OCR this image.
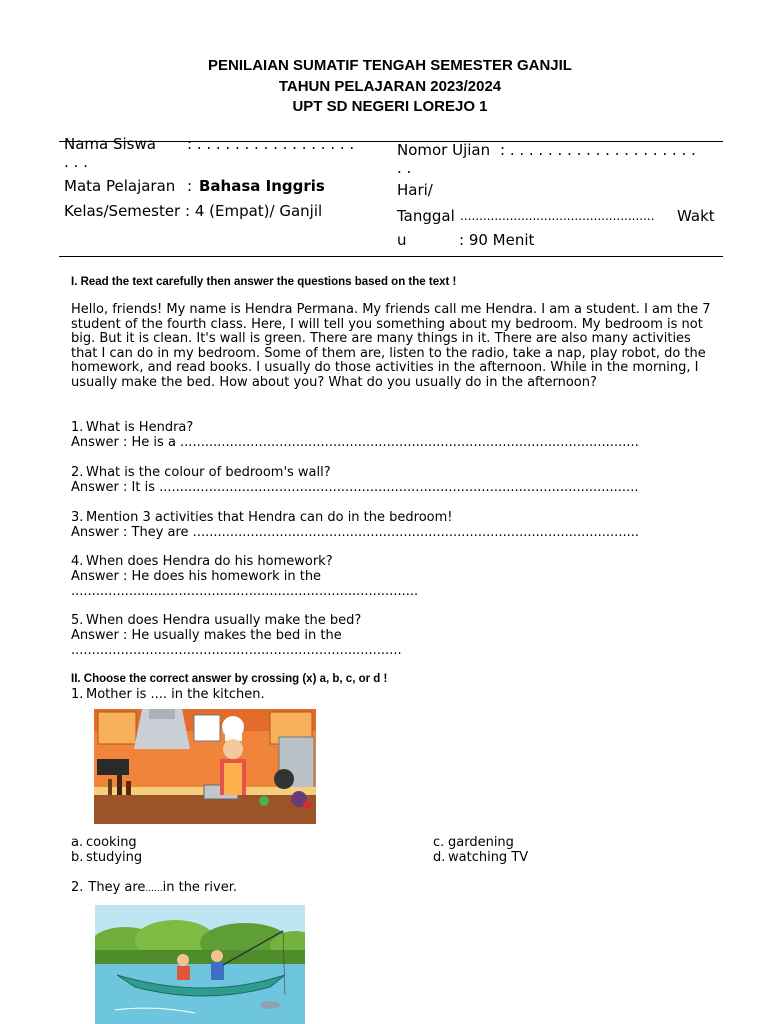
PENILAIAN SUMATIF TENGAH SEMESTER GANJIL
TAHUN PELAJARAN 2023/2024
UPT SD NEGERI LOREJO 1
Nama Siswa : . . . . . . . . . . . . . . . . .
. . .
Mata Pelajaran : Bahasa Inggris
Kelas/Semester : 4 (Empat)/ Ganjil
Nomor Ujian : . . . . . . . . . . . . . . . . . . . .
. .
Hari/
Tanggal ................................................... Wakt
u	: 90 Menit
I. Read the text carefully then answer the questions based on the text !
Hello, friends! My name is Hendra Permana. My friends call me Hendra. I am a student. I am the 7 student of the fourth class. Here, I will tell you something about my bedroom. My bedroom is not big. But it is clean. It's wall is green. There are many things in it. There are also many activities that I can do in my bedroom. Some of them are, listen to the radio, take a nap, play robot, do the homework, and read books. I usually do those activities in the afternoon. While in the morning, I usually make the bed. How about you? What do you usually do in the afternoon?
1. What is Hendra?
Answer : He is a ...............................................................................................................
2. What is the colour of bedroom's wall?
Answer : It is ....................................................................................................................
3. Mention 3 activities that Hendra can do in the bedroom!
Answer : They are ............................................................................................................
4. When does Hendra do his homework?
Answer : He does his homework in the
....................................................................................
5. When does Hendra usually make the bed?
Answer : He usually makes the bed in the
................................................................................
II. Choose the correct answer by crossing (x) a, b, c, or d !
1. Mother is .... in the kitchen.
a. cooking
b. studying
c. gardening
d. watching TV
2. They are......in the river.
